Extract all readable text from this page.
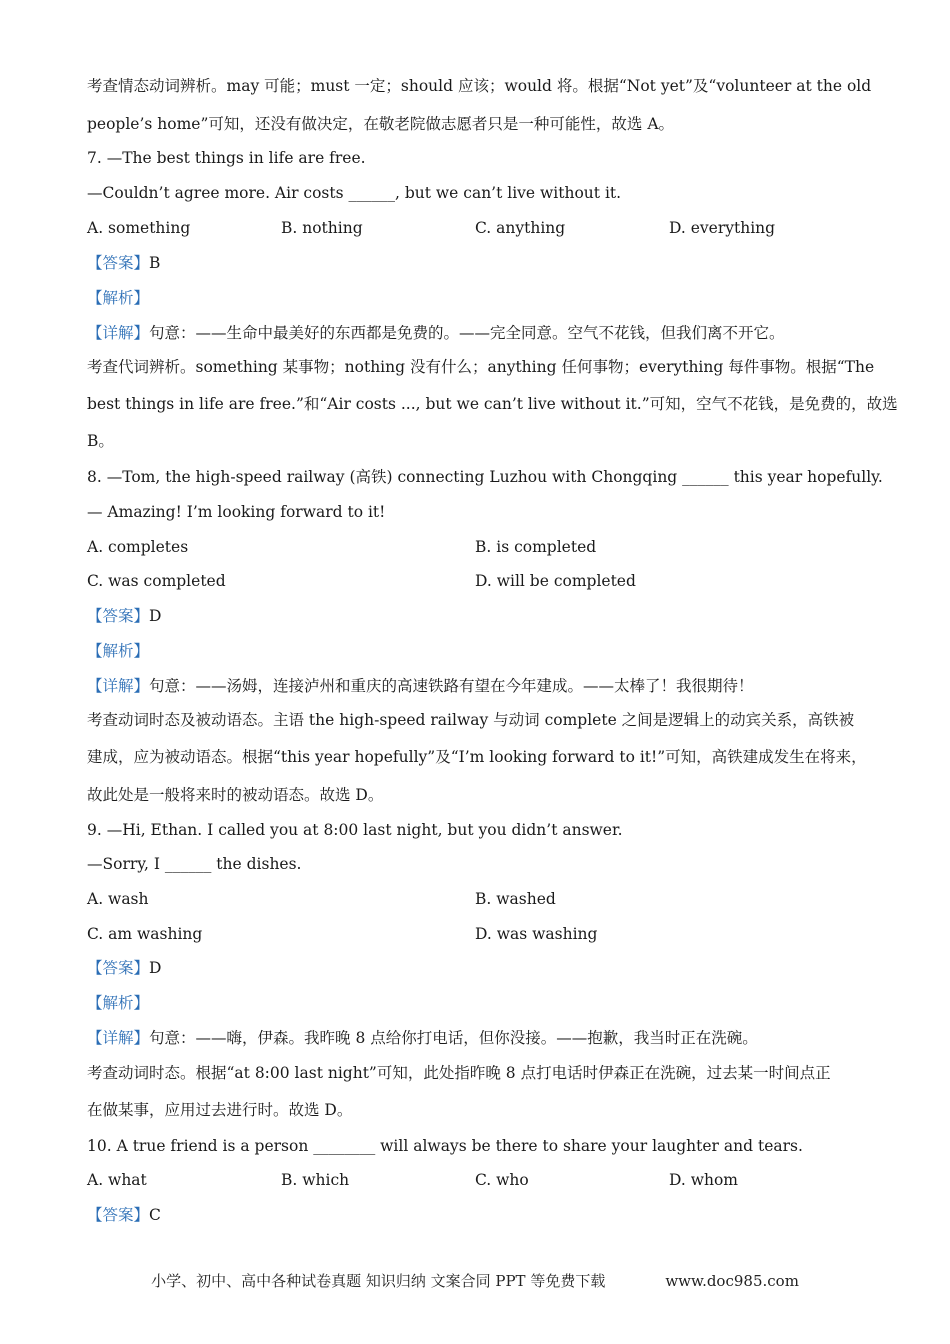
考查情态动词辨析。may 可能；must 一定；should 应该；would 将。根据“Not yet”及“volunteer at the old
people’s home”可知，还没有做决定，在敬老院做志愿者只是一种可能性，故选 A。
7. —The best things in life are free.
—Couldn’t agree more. Air costs ______, but we can’t live without it.
A. something	B. nothing	C. anything	D. everything
【答案】B
【解析】
【详解】句意：——生命中最美好的东西都是免费的。——完全同意。空气不花钱，但我们离不开它。
考查代词辨析。something 某事物；nothing 没有什么；anything 任何事物；everything 每件事物。根据“The
best things in life are free.”和“Air costs ..., but we can’t live without it.”可知，空气不花钱，是免费的，故选
B。
8. —Tom, the high-speed railway (高铁) connecting Luzhou with Chongqing ______ this year hopefully.
— Amazing! I’m looking forward to it!
A. completes	B. is completed
C. was completed	D. will be completed
【答案】D
【解析】
【详解】句意：——汤姆，连接泸州和重庆的高速铁路有望在今年建成。——太棒了！我很期待！
考查动词时态及被动语态。主语 the high-speed railway 与动词 complete 之间是逻辑上的动宾关系，高铁被
建成，应为被动语态。根据“this year hopefully”及“I’m looking forward to it!”可知，高铁建成发生在将来，
故此处是一般将来时的被动语态。故选 D。
9. —Hi, Ethan. I called you at 8:00 last night, but you didn’t answer.
—Sorry, I ______ the dishes.
A. wash	B. washed
C. am washing	D. was washing
【答案】D
【解析】
【详解】句意：——嗨，伊森。我昨晚 8 点给你打电话，但你没接。——抱歉，我当时正在洗碗。
考查动词时态。根据“at 8:00 last night”可知，此处指昨晚 8 点打电话时伊森正在洗碗，过去某一时间点正
在做某事，应用过去进行时。故选 D。
10. A true friend is a person ________ will always be there to share your laughter and tears.
A. what	B. which	C. who	D. whom
【答案】C
小学、初中、高中各种试卷真题 知识归纳 文案合同 PPT 等免费下载	www.doc985.com
